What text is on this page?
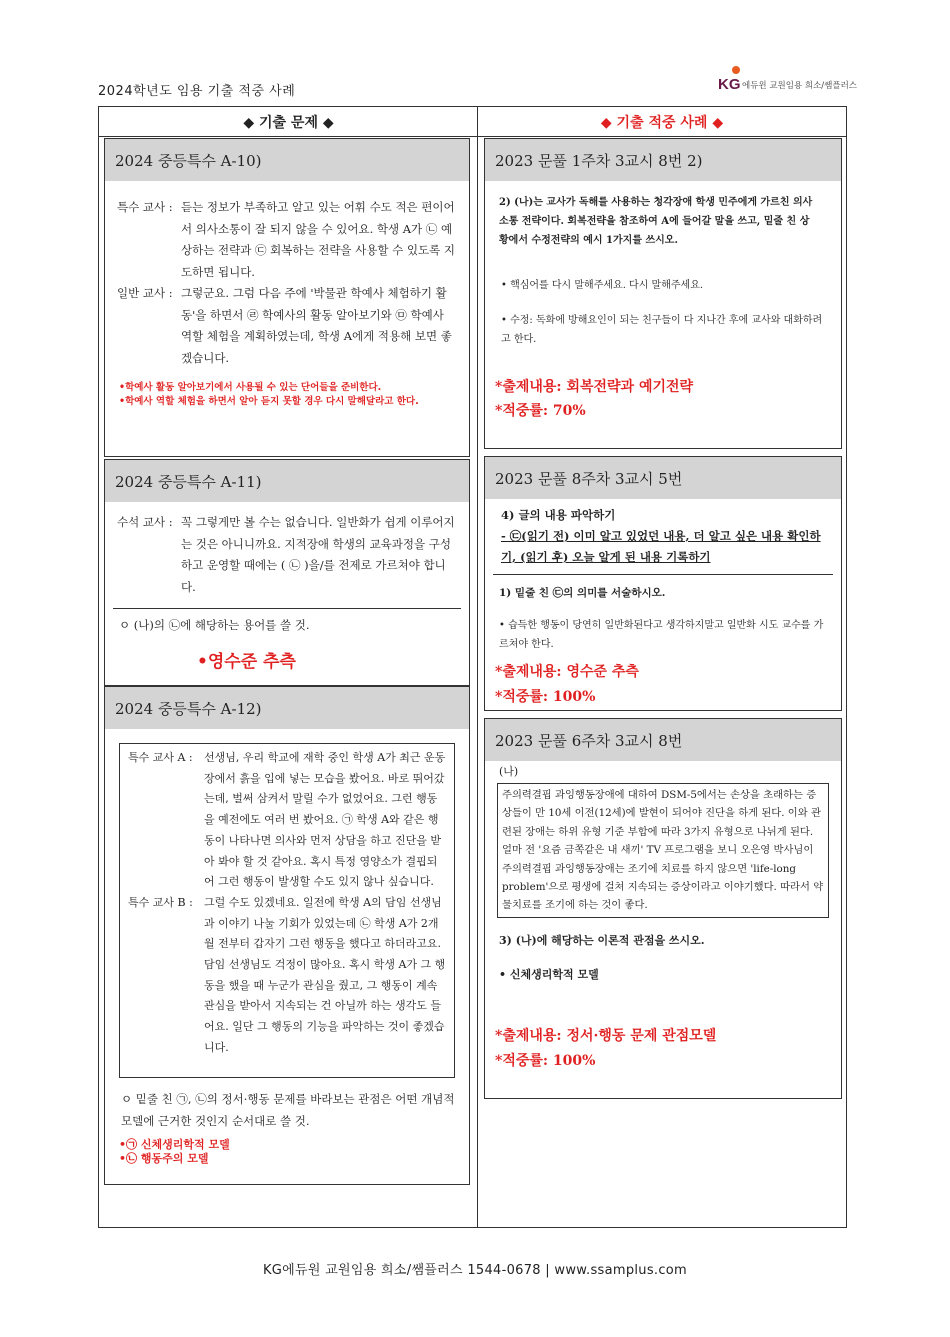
2024학년도 임용 기출 적중 사례	KG 에듀윈 교원임용 희소/쌤플러스
◆ 기출 문제 ◆	◆ 기출 적중 사례 ◆
2024 중등특수 A-10)
특수 교사 : 듣는 정보가 부족하고 알고 있는 어휘 수도 적은 편이어서 의사소통이 잘 되지 않을 수 있어요. 학생 A가 ㉡ 예상하는 전략과 ㉢ 회복하는 전략을 사용할 수 있도록 지도하면 됩니다.
일반 교사 : 그렇군요. 그럼 다음 주에 '박물관 학예사 체험하기 활동'을 하면서 ㉣ 학예사의 활동 알아보기와 ㉤ 학예사 역할 체험을 계획하였는데, 학생 A에게 적용해 보면 좋겠습니다.
•학예사 활동 알아보기에서 사용될 수 있는 단어들을 준비한다.
•학예사 역할 체험을 하면서 알아 듣지 못할 경우 다시 말해달라고 한다.
2024 중등특수 A-11)
수석 교사 : 꼭 그렇게만 볼 수는 없습니다. 일반화가 쉽게 이루어지는 것은 아니니까요. 지적장애 학생의 교육과정을 구성하고 운영할 때에는 ( ㉡ )을/를 전제로 가르쳐야 합니다.
ㅇ (나)의 ㉡에 해당하는 용어를 쓸 것.
•영수준 추측
2024 중등특수 A-12)
특수 교사 A :	선생님, 우리 학교에 재학 중인 학생 A가 최근 운동장에서 흙을 입에 넣는 모습을 봤어요. 바로 뛰어갔는데, 벌써 삼켜서 말릴 수가 없었어요. 그런 행동을 예전에도 여러 번 봤어요. ㉠ 학생 A와 같은 행동이 나타나면 의사와 먼저 상담을 하고 진단을 받아 봐야 할 것 같아요. 혹시 특정 영양소가 결핍되어 그런 행동이 발생할 수도 있지 않나 싶습니다.
특수 교사 B :	그럴 수도 있겠네요. 일전에 학생 A의 담임 선생님과 이야기 나눌 기회가 있었는데 ㉡ 학생 A가 2개월 전부터 갑자기 그런 행동을 했다고 하더라고요. 담임 선생님도 걱정이 많아요. 혹시 학생 A가 그 행동을 했을 때 누군가 관심을 줬고, 그 행동이 계속 관심을 받아서 지속되는 건 아닐까 하는 생각도 들어요. 일단 그 행동의 기능을 파악하는 것이 좋겠습니다.
ㅇ 밑줄 친 ㉠, ㉡의 정서·행동 문제를 바라보는 관점은 어떤 개념적 모델에 근거한 것인지 순서대로 쓸 것.
•㉠ 신체생리학적 모델
•㉡ 행동주의 모델
2023 문풀 1주차 3교시 8번 2)
2) (나)는 교사가 독해를 사용하는 청각장애 학생 민주에게 가르친 의사소통 전략이다. 회복전략을 참조하여 A에 들어갈 말을 쓰고, 밑줄 친 상황에서 수정전략의 예시 1가지를 쓰시오.
• 핵심어를 다시 말해주세요. 다시 말해주세요.
• 수정: 독화에 방해요인이 되는 친구들이 다 지나간 후에 교사와 대화하려고 한다.
*출제내용: 회복전략과 예기전략
*적중률: 70%
2023 문풀 8주차 3교시 5번
4) 글의 내용 파악하기
- ㉢(읽기 전) 이미 알고 있었던 내용, 더 알고 싶은 내용 확인하기, (읽기 후) 오늘 알게 된 내용 기록하기
1) 밑줄 친 ㉢의 의미를 서술하시오.
• 습득한 행동이 당연히 일반화된다고 생각하지말고 일반화 시도 교수를 가르쳐야 한다.
*출제내용: 영수준 추측
*적중률: 100%
2023 문풀 6주차 3교시 8번
(나)
주의력결핍 과잉행동장애에 대하여 DSM-5에서는 손상을 초래하는 증상들이 만 10세 이전(12세)에 발현이 되어야 진단을 하게 된다. 이와 관련된 장애는 하위 유형 기준 부합에 따라 3가지 유형으로 나뉘게 된다. 얼마 전 '요즘 금쪽같은 내 새끼' TV 프로그램을 보니 오은영 박사님이 주의력결핍 과잉행동장애는 조기에 치료를 하지 않으면 'life-long problem'으로 평생에 걸쳐 지속되는 증상이라고 이야기했다. 따라서 약물치료를 조기에 하는 것이 좋다.
3) (나)에 해당하는 이론적 관점을 쓰시오.
• 신체생리학적 모델
*출제내용: 정서·행동 문제 관점모델
*적중률: 100%
KG에듀원 교원임용 희소/쌤플러스 1544-0678 | www.ssamplus.com
